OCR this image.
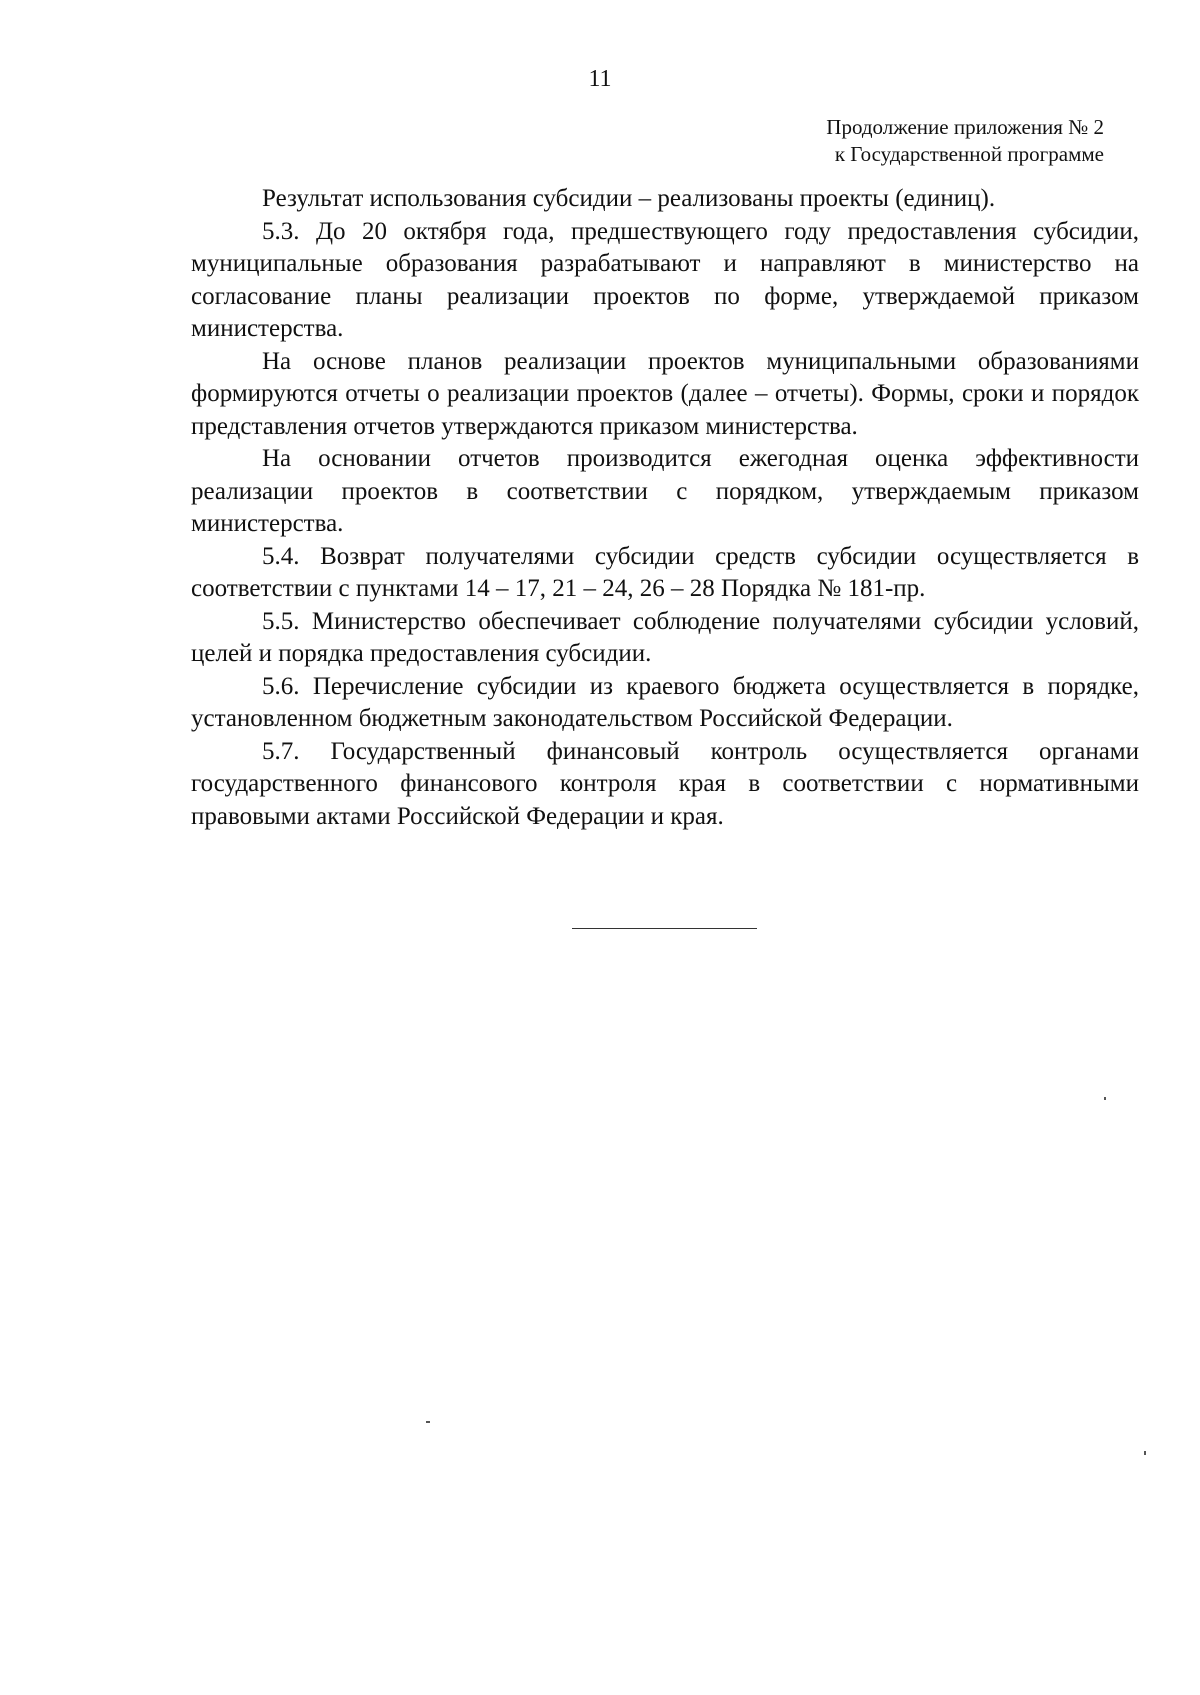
11
Продолжение приложения № 2
к Государственной программе

Результат использования субсидии – реализованы проекты (единиц).

5.3. До 20 октября года, предшествующего году предоставления субсидии, муниципальные образования разрабатывают и направляют в министерство на согласование планы реализации проектов по форме, утверждаемой приказом министерства.

На основе планов реализации проектов муниципальными образованиями формируются отчеты о реализации проектов (далее – отчеты). Формы, сроки и порядок представления отчетов утверждаются приказом министерства.

На основании отчетов производится ежегодная оценка эффективности реализации проектов в соответствии с порядком, утверждаемым приказом министерства.

5.4. Возврат получателями субсидии средств субсидии осуществляется в соответствии с пунктами 14 – 17, 21 – 24, 26 – 28 Порядка № 181-пр.

5.5. Министерство обеспечивает соблюдение получателями субсидии условий, целей и порядка предоставления субсидии.

5.6. Перечисление субсидии из краевого бюджета осуществляется в порядке, установленном бюджетным законодательством Российской Федерации.

5.7. Государственный финансовый контроль осуществляется органами государственного финансового контроля края в соответствии с нормативными правовыми актами Российской Федерации и края.
